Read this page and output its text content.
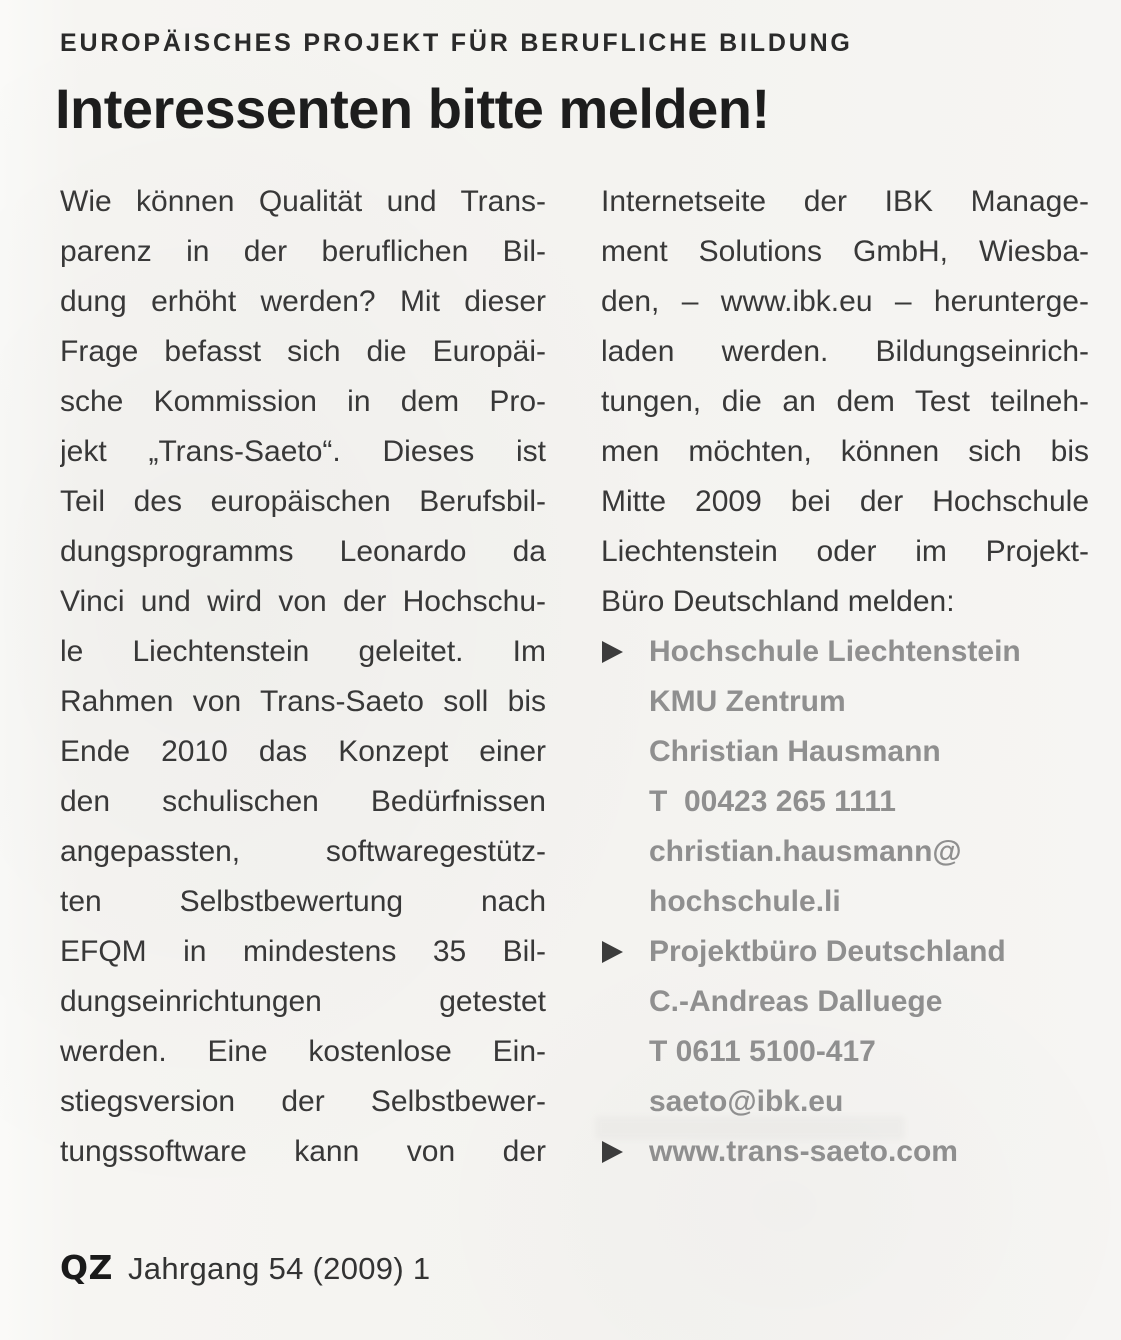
EUROPÄISCHES PROJEKT FÜR BERUFLICHE BILDUNG
Interessenten bitte melden!
Wie können Qualität und Trans-
parenz in der beruflichen Bil-
dung erhöht werden? Mit dieser
Frage befasst sich die Europäi-
sche Kommission in dem Pro-
jekt „Trans-Saeto“. Dieses ist
Teil des europäischen Berufsbil-
dungsprogramms Leonardo da
Vinci und wird von der Hochschu-
le Liechtenstein geleitet. Im
Rahmen von Trans-Saeto soll bis
Ende 2010 das Konzept einer
den schulischen Bedürfnissen
angepassten, softwaregestütz-
ten Selbstbewertung nach
EFQM in mindestens 35 Bil-
dungseinrichtungen getestet
werden. Eine kostenlose Ein-
stiegsversion der Selbstbewer-
tungssoftware kann von der
Internetseite der IBK Manage-
ment Solutions GmbH, Wiesba-
den, – www.ibk.eu – herunterge-
laden werden. Bildungseinrich-
tungen, die an dem Test teilneh-
men möchten, können sich bis
Mitte 2009 bei der Hochschule
Liechtenstein oder im Projekt-
Büro Deutschland melden:
Hochschule Liechtenstein
KMU Zentrum
Christian Hausmann
T  00423 265 1111
christian.hausmann@
hochschule.li
Projektbüro Deutschland
C.-Andreas Dalluege
T 0611 5100-417
saeto@ibk.eu
www.trans-saeto.com
QZ Jahrgang 54 (2009) 1
